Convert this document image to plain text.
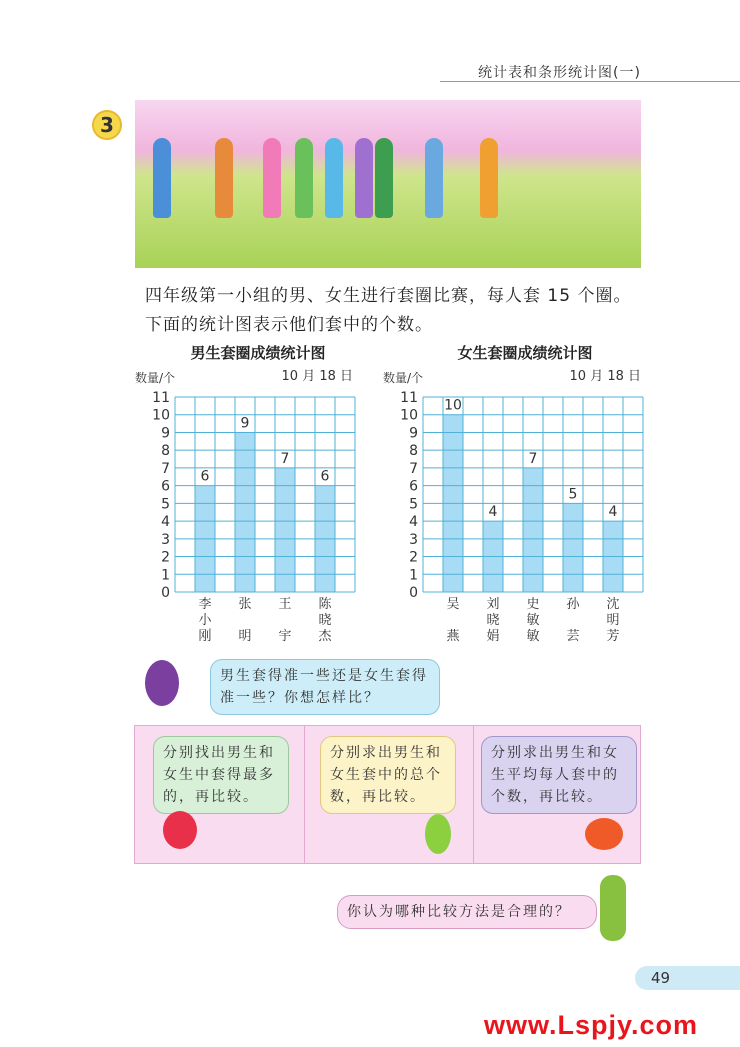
统计表和条形统计图(一)
3
四年级第一小组的男、女生进行套圈比赛，每人套 15 个圈。下面的统计图表示他们套中的个数。
男生套圈成绩统计图
数量/个	10 月 18 日
6
李
小
刚
9
张
明
7
王
宇
6
陈
晓
杰
0
1
2
3
4
5
6
7
8
9
10
11
女生套圈成绩统计图
数量/个	10 月 18 日
10
吴
燕
4
刘
晓
娟
7
史
敏
敏
5
孙
芸
4
沈
明
芳
0
1
2
3
4
5
6
7
8
9
10
11
男生套得准一些还是女生套得准一些？你想怎样比？
分别找出男生和女生中套得最多的，再比较。
分别求出男生和女生套中的总个数，再比较。
分别求出男生和女生平均每人套中的个数，再比较。
你认为哪种比较方法是合理的？
49
www.Lspjy.com
